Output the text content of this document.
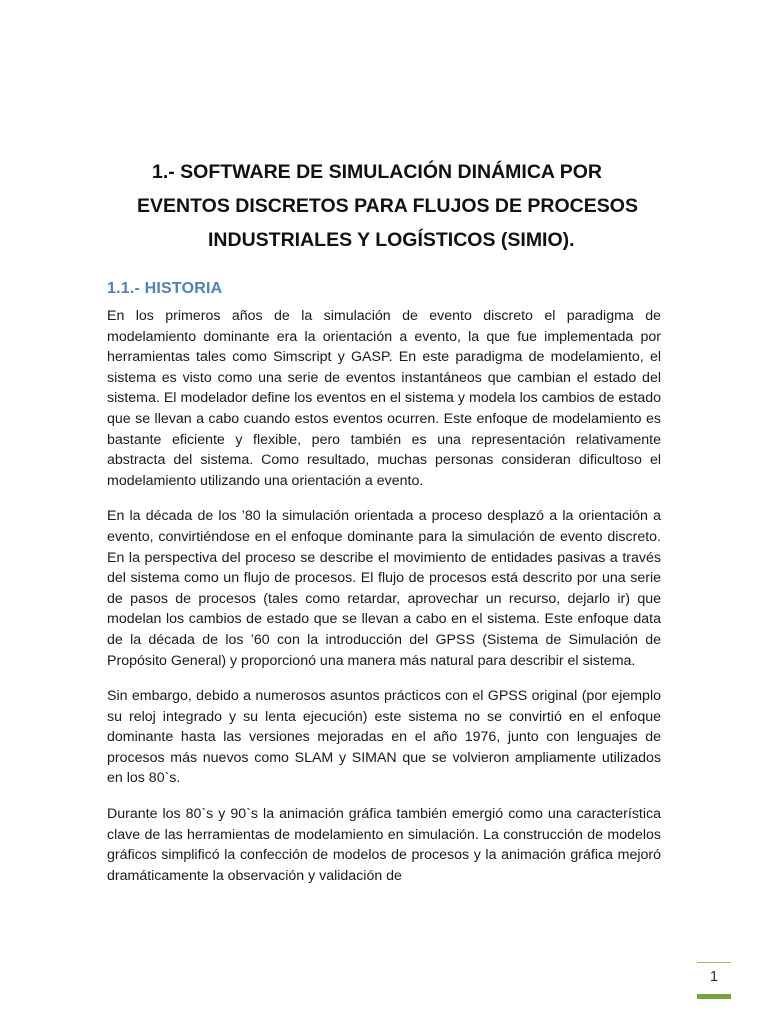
1.- SOFTWARE DE SIMULACIÓN DINÁMICA POR
EVENTOS DISCRETOS PARA FLUJOS DE PROCESOS
INDUSTRIALES Y LOGÍSTICOS (SIMIO).
1.1.- HISTORIA

En los primeros años de la simulación de evento discreto el paradigma de modelamiento dominante era la orientación a evento, la que fue implementada por herramientas tales como Simscript y GASP. En este paradigma de modelamiento, el sistema es visto como una serie de eventos instantáneos que cambian el estado del sistema. El modelador define los eventos en el sistema y modela los cambios de estado que se llevan a cabo cuando estos eventos ocurren. Este enfoque de modelamiento es bastante eficiente y flexible, pero también es una representación relativamente abstracta del sistema. Como resultado, muchas personas consideran dificultoso el modelamiento utilizando una orientación a evento.

En la década de los ’80 la simulación orientada a proceso desplazó a la orientación a evento, convirtiéndose en el enfoque dominante para la simulación de evento discreto. En la perspectiva del proceso se describe el movimiento de entidades pasivas a través del sistema como un flujo de procesos. El flujo de procesos está descrito por una serie de pasos de procesos (tales como retardar, aprovechar un recurso, dejarlo ir) que modelan los cambios de estado que se llevan a cabo en el sistema. Este enfoque data de la década de los ’60 con la introducción del GPSS (Sistema de Simulación de Propósito General) y proporcionó una manera más natural para describir el sistema.

Sin embargo, debido a numerosos asuntos prácticos con el GPSS original (por ejemplo su reloj integrado y su lenta ejecución) este sistema no se convirtió en el enfoque dominante hasta las versiones mejoradas en el año 1976, junto con lenguajes de procesos más nuevos como SLAM y SIMAN que se volvieron ampliamente utilizados en los 80`s.

Durante los 80`s y 90`s la animación gráfica también emergió como una característica clave de las herramientas de modelamiento en simulación. La construcción de modelos gráficos simplificó la confección de modelos de procesos y la animación gráfica mejoró dramáticamente la observación y validación de

1
